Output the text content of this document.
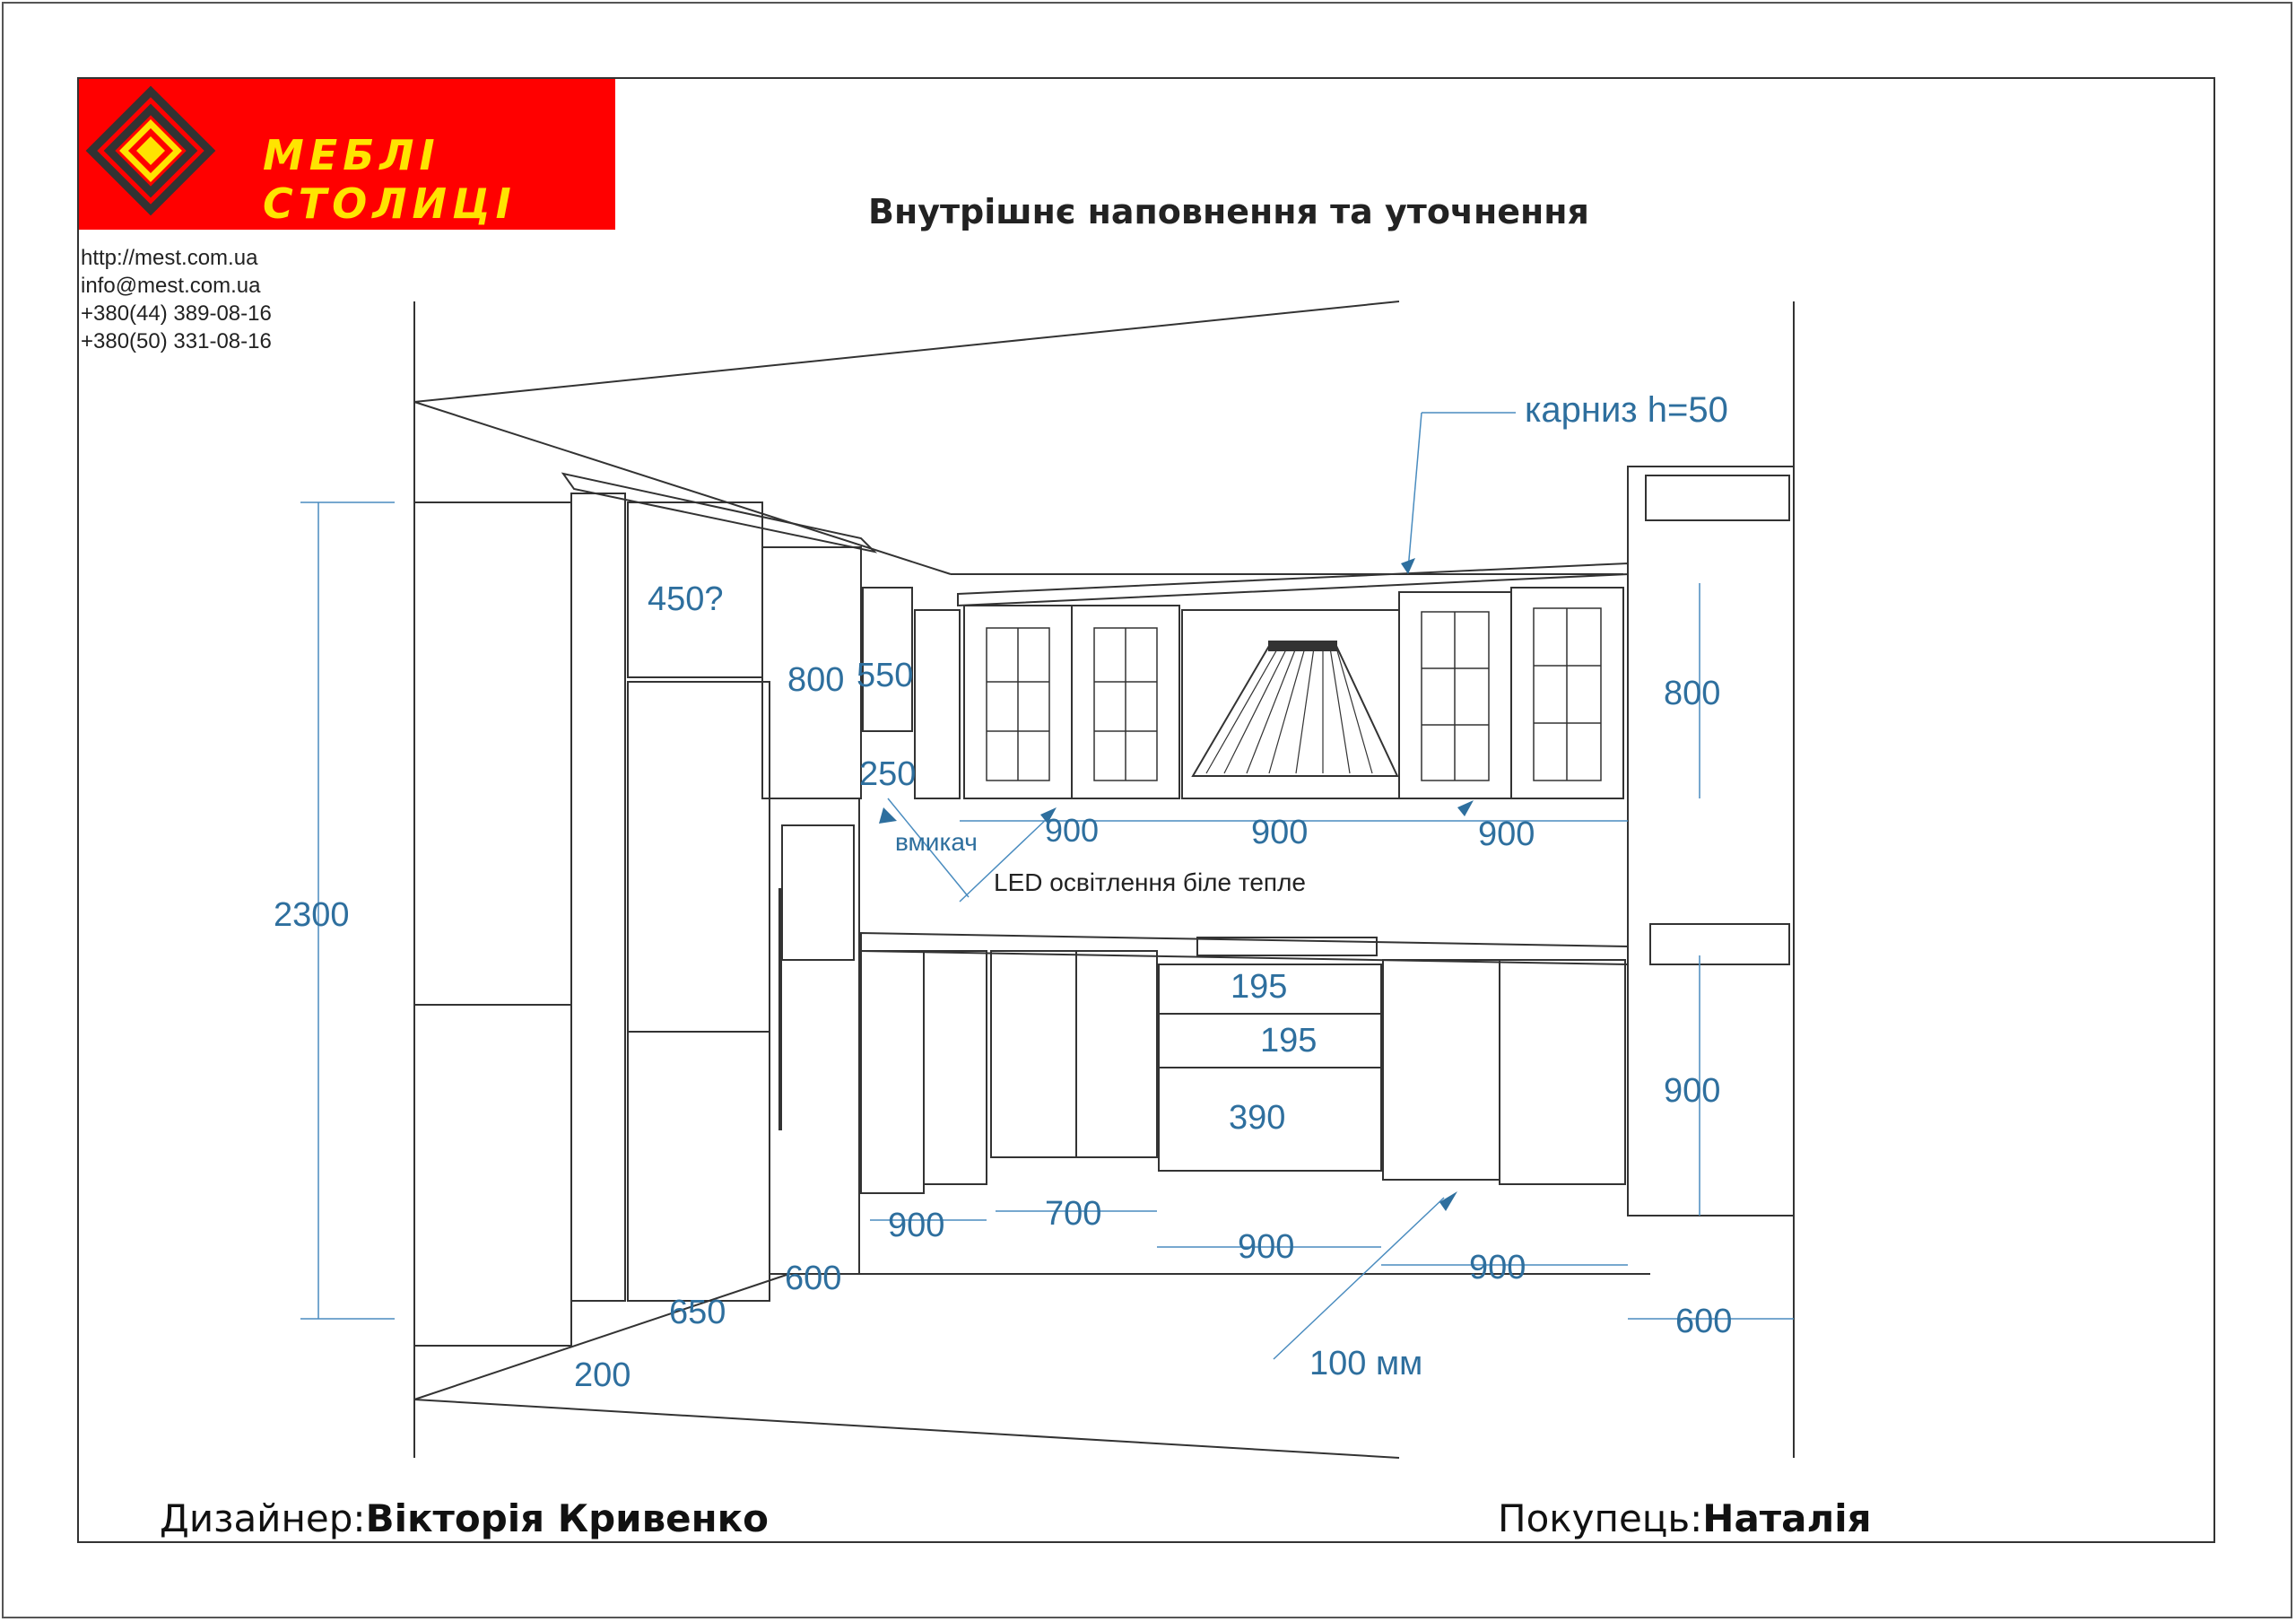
МЕБЛІ СТОЛИЦІ
http://mest.com.ua
info@mest.com.ua
+380(44) 389-08-16
+380(50) 331-08-16
Внутрішнє наповнення та уточнення
2300
800	800
450?
550
250
900	900	900
195
195
390
900	700
900
900
600
650
200
600
900
карниз h=50
вмикач
LED освітлення біле тепле
100 мм
Дизайнер:Вікторія Кривенко	Покупець:Наталія
